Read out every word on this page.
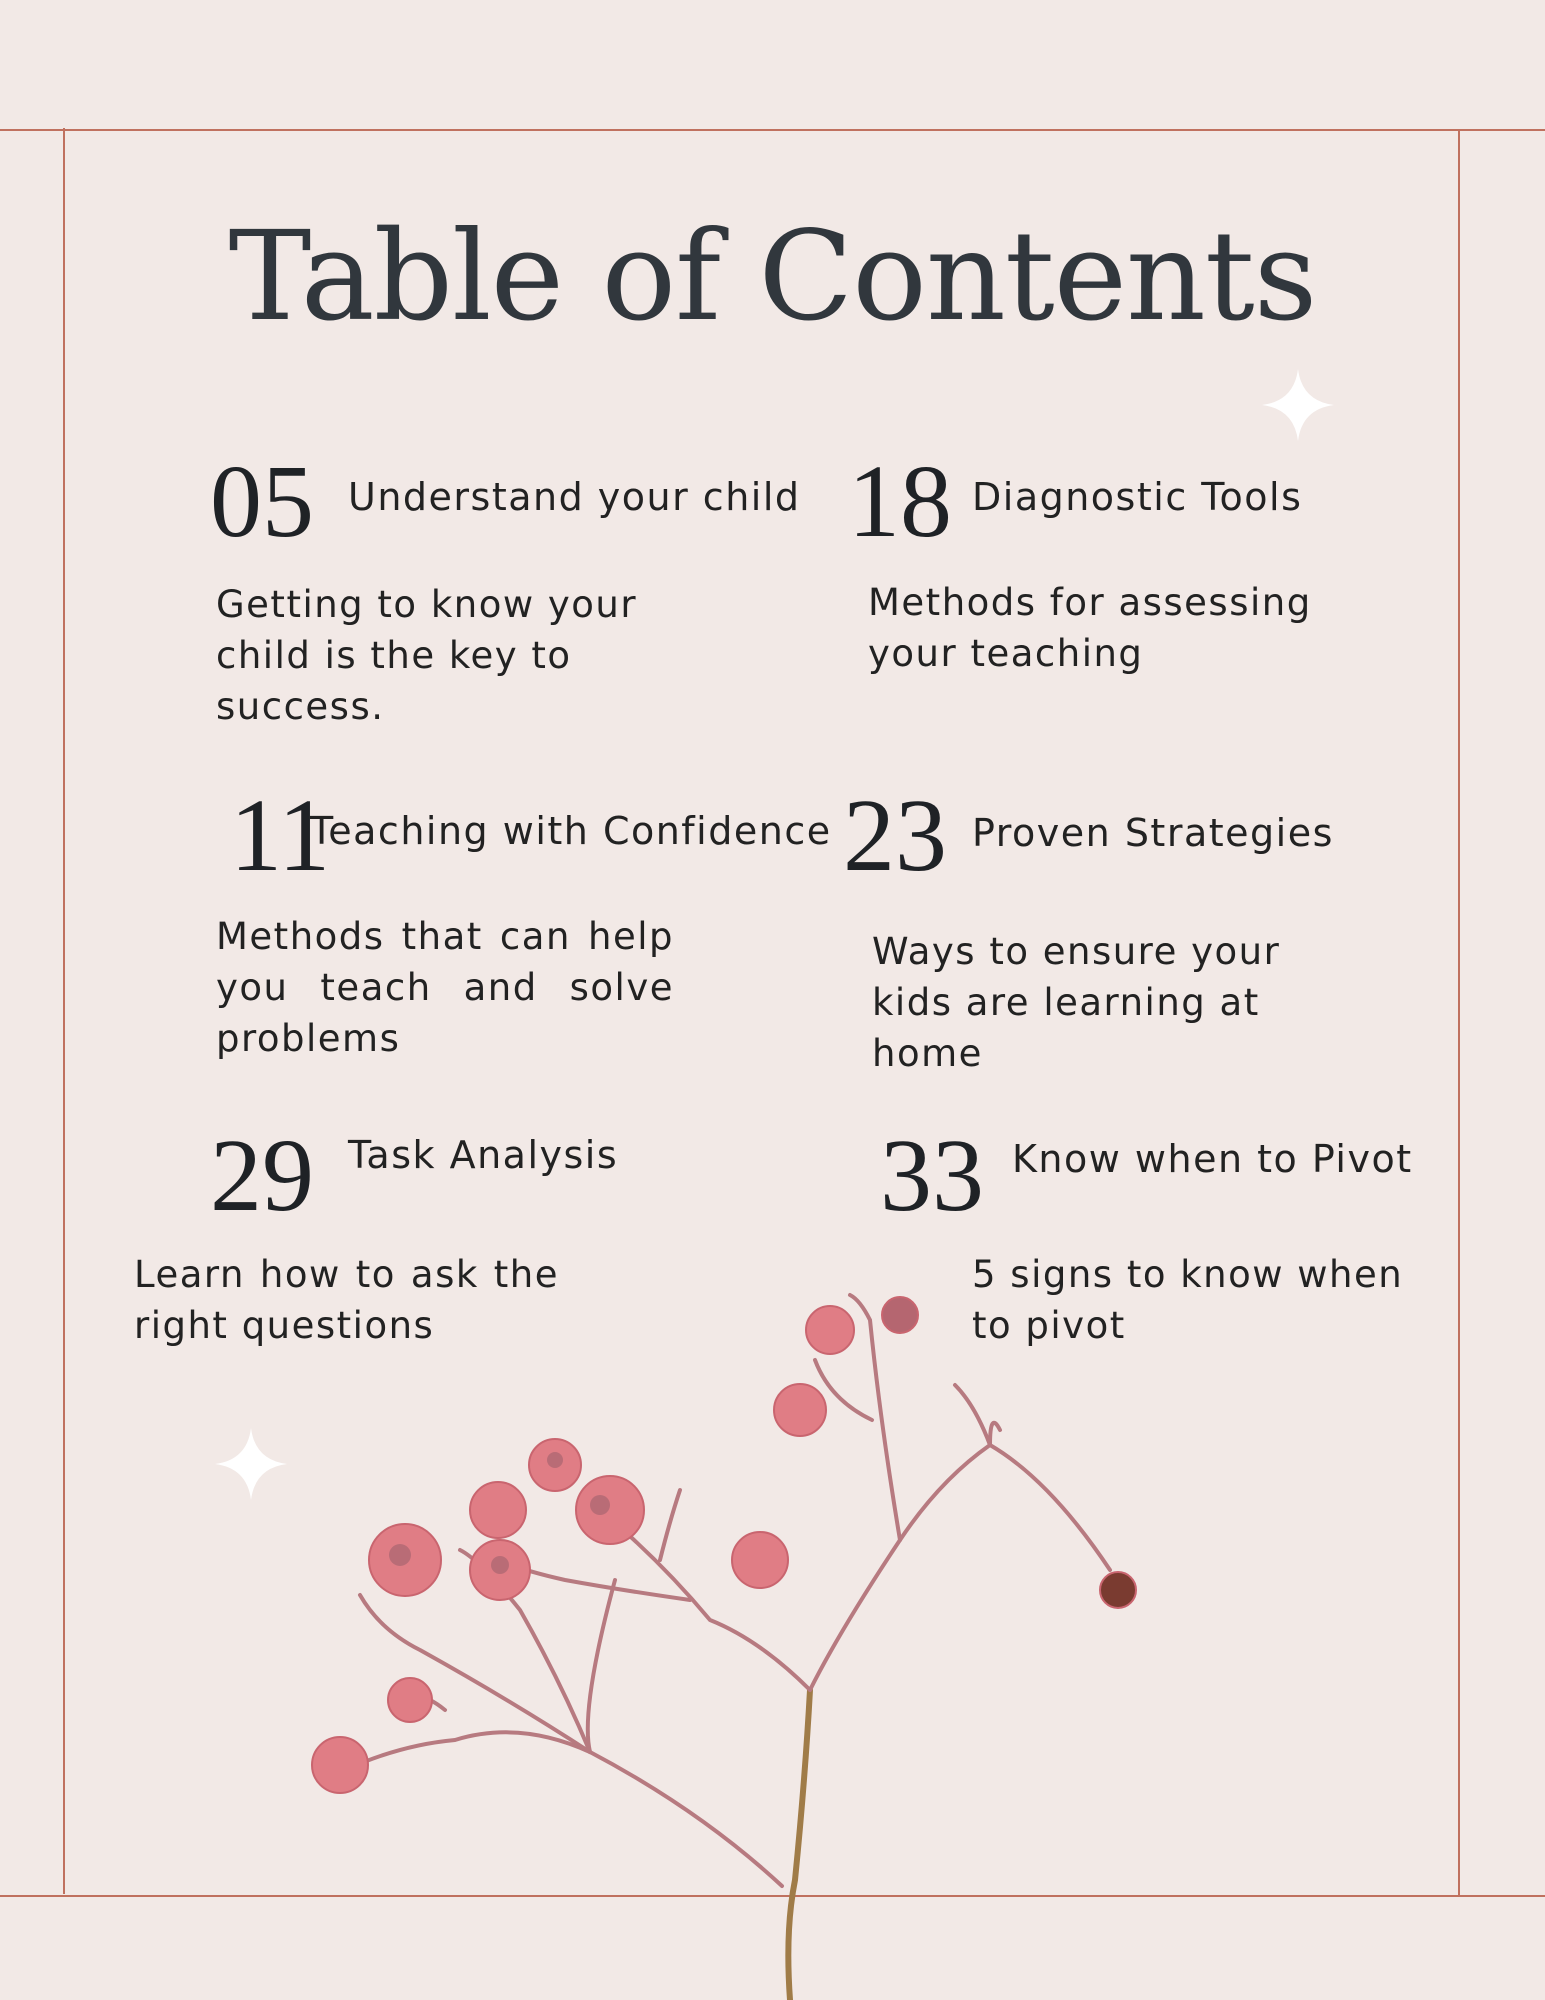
Table of Contents
05 Understand your child
Getting to know your child is the key to success.
18 Diagnostic Tools
Methods for assessing your teaching
11
Teaching with Confidence
Methods that can help you teach and solve problems
23 Proven Strategies
Ways to ensure your kids are learning at home
29 Task Analysis
Learn how to ask the right questions
33 Know when to Pivot
5 signs to know when to pivot
